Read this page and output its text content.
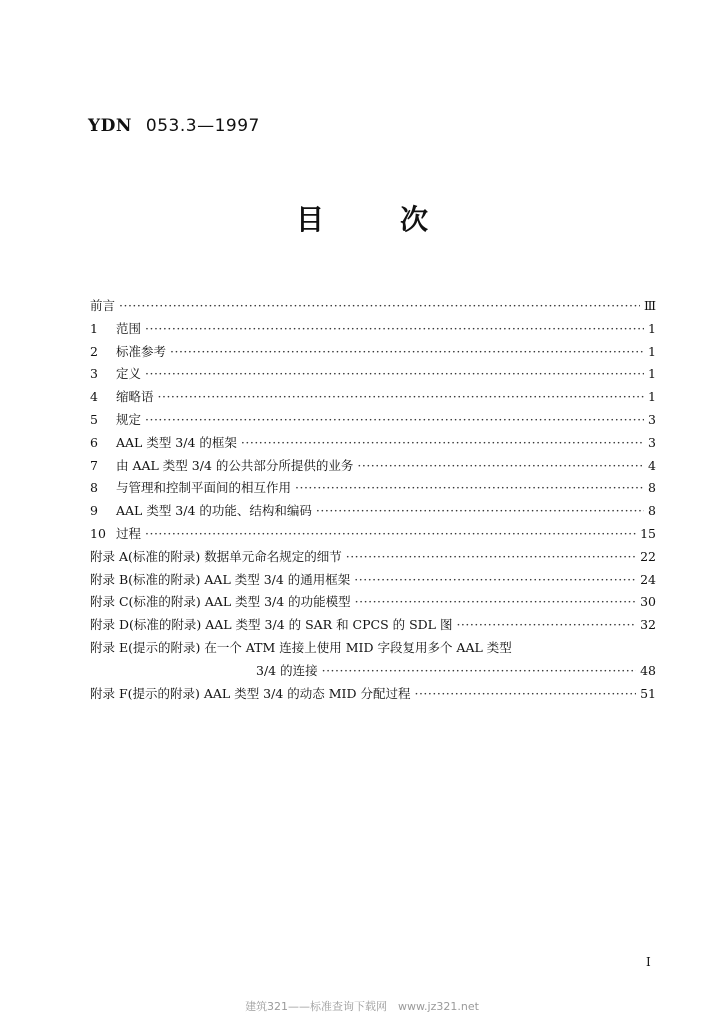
YDN 053.3—1997
目	次
前言 ·····	Ⅲ
1 范围 ·····	1
2 标准参考 ·····	1
3 定义 ·····	1
4 缩略语 ·····	1
5 规定 ·····	3
6 AAL 类型 3/4 的框架 ·····	3
7 由 AAL 类型 3/4 的公共部分所提供的业务 ·····	4
8 与管理和控制平面间的相互作用 ·····	8
9 AAL 类型 3/4 的功能、结构和编码 ·····	8
10 过程 ·····	15
附录 A(标准的附录) 数据单元命名规定的细节 ·····	22
附录 B(标准的附录) AAL 类型 3/4 的通用框架 ·····	24
附录 C(标准的附录) AAL 类型 3/4 的功能模型 ·····	30
附录 D(标准的附录) AAL 类型 3/4 的 SAR 和 CPCS 的 SDL 图 ·····	32
附录 E(提示的附录) 在一个 ATM 连接上使用 MID 字段复用多个 AAL 类型
3/4 的连接 ·····	48
附录 F(提示的附录) AAL 类型 3/4 的动态 MID 分配过程 ·····	51
I
建筑321——标准查询下载网　www.jz321.net
